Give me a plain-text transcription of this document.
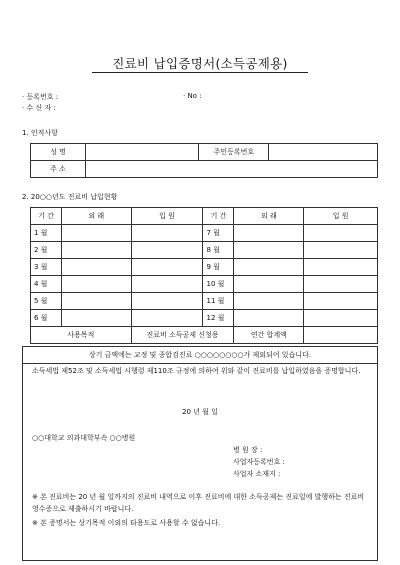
진료비 납입증명서(소득공제용)
· 등록번호 :	· No :
· 수 신 자 :
1. 인적사항
성 명		주민등록번호	
주 소			
2. 20○○년도 진료비 납입현황
기 간	외 래	입 원	기 간	외 래	입 원
1 월			7 월		
2 월			8 월		
3 월			9 월		
4 월			10 월		
5 월			11 월		
6 월			12 월		
사용목적		진료비 소득공제 신청용		연간 합계액	
상기 금액에는 교정 및 종합검진료 ○○○○○○○○가 제외되어 있습니다.
소득세법 제52조 및 소득세법 시행령 제110조 규정에 의하여 위와 같이 진료비를 납입하였음을 증명합니다.
20 년 월 일
○○대학교 의과대학부속 ○○병원
병 원 장 :
사업자등록번호 :
사업자 소재지 :
※ 본 진료비는 20 년 월 일까지의 진료비 내역으로 이후 진료비에 대한 소득공제는 진료일에 발행하는 진료비 영수증으로 제출하시기 바랍니다.
※ 본 증명서는 상기목적 이외의 타용도로 사용할 수 없습니다.
